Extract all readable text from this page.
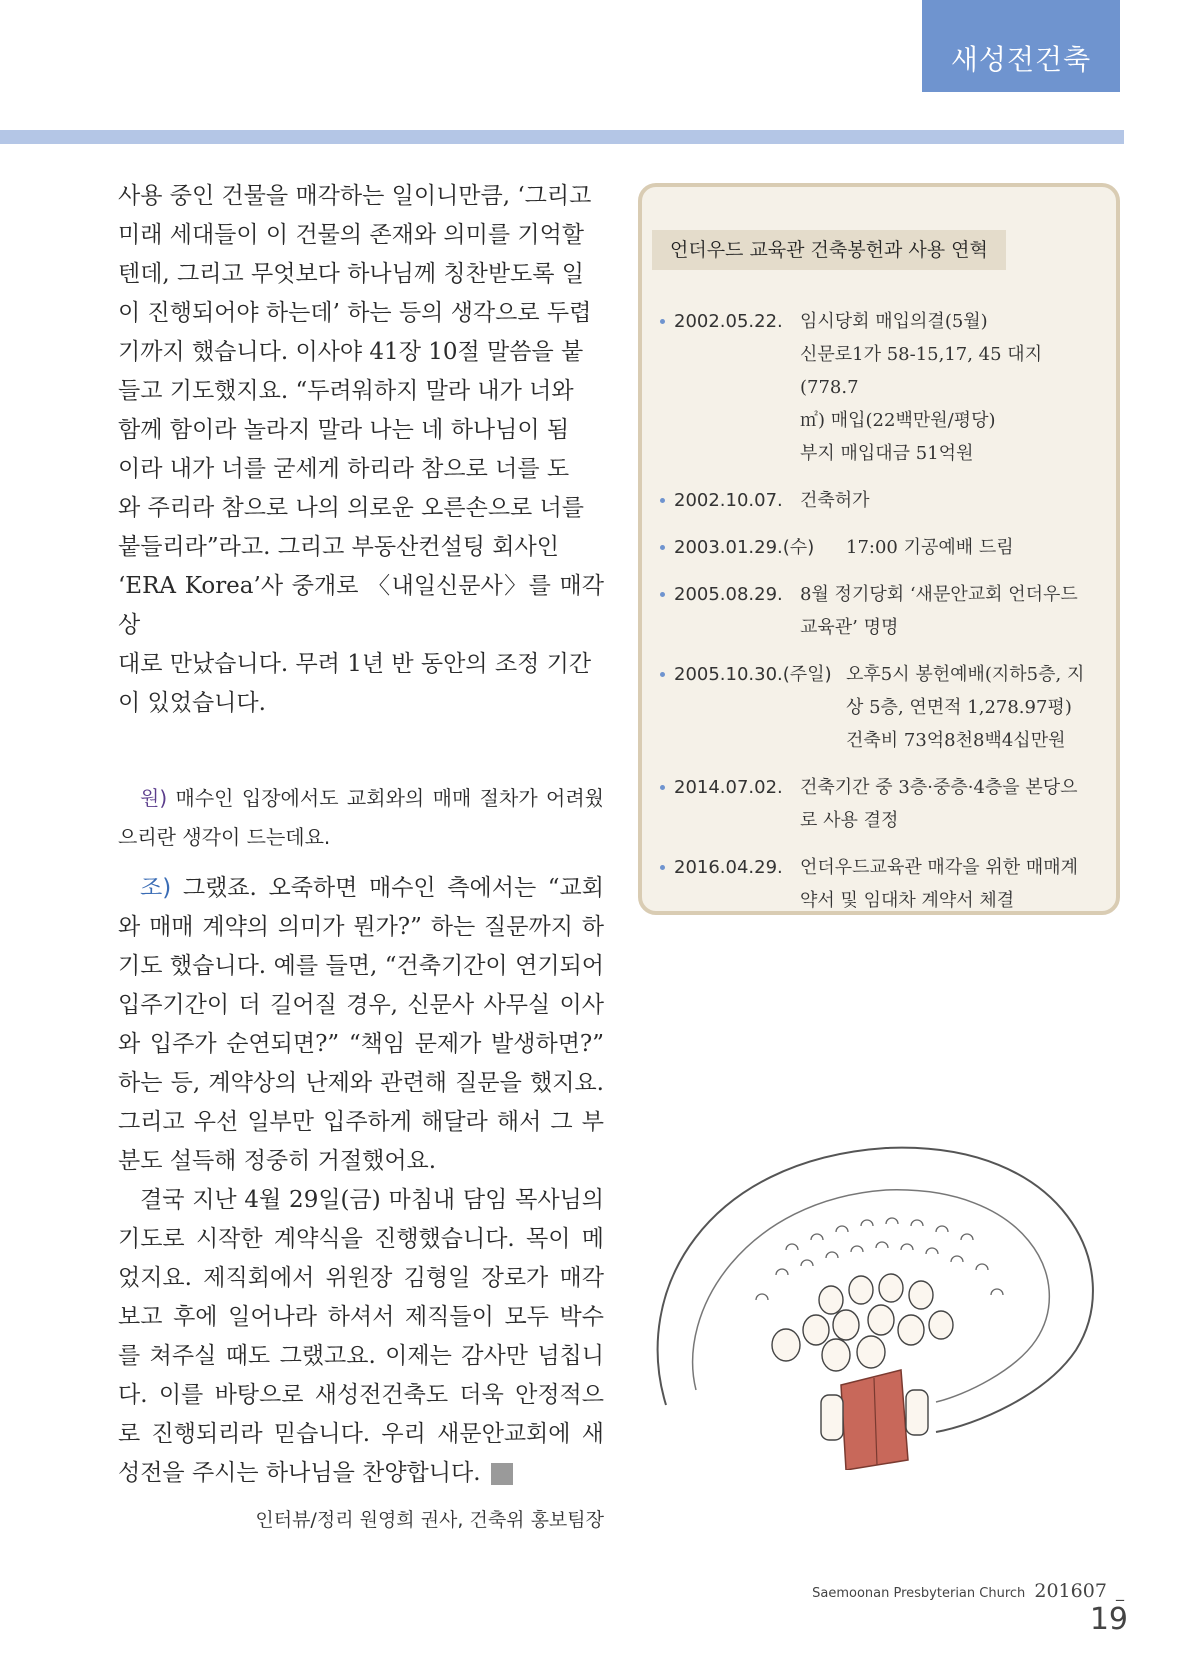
새성전건축

사용 중인 건물을 매각하는 일이니만큼, ‘그리고
미래 세대들이 이 건물의 존재와 의미를 기억할
텐데, 그리고 무엇보다 하나님께 칭찬받도록 일
이 진행되어야 하는데’ 하는 등의 생각으로 두렵
기까지 했습니다. 이사야 41장 10절 말씀을 붙
들고 기도했지요. “두려워하지 말라 내가 너와
함께 함이라 놀라지 말라 나는 네 하나님이 됨
이라 내가 너를 굳세게 하리라 참으로 너를 도
와 주리라 참으로 나의 의로운 오른손으로 너를
붙들리라”라고. 그리고 부동산컨설팅 회사인
‘ERA Korea’사 중개로 〈내일신문사〉를 매각 상
대로 만났습니다. 무려 1년 반 동안의 조정 기간
이 있었습니다.

원) 매수인 입장에서도 교회와의 매매 절차가 어려웠으리란 생각이 드는데요.

조) 그랬죠. 오죽하면 매수인 측에서는 “교회와 매매 계약의 의미가 뭔가?” 하는 질문까지 하기도 했습니다. 예를 들면, “건축기간이 연기되어 입주기간이 더 길어질 경우, 신문사 사무실 이사와 입주가 순연되면?” “책임 문제가 발생하면?” 하는 등, 계약상의 난제와 관련해 질문을 했지요. 그리고 우선 일부만 입주하게 해달라 해서 그 부분도 설득해 정중히 거절했어요.

결국 지난 4월 29일(금) 마침내 담임 목사님의 기도로 시작한 계약식을 진행했습니다. 목이 메었지요. 제직회에서 위원장 김형일 장로가 매각 보고 후에 일어나라 하셔서 제직들이 모두 박수를 쳐주실 때도 그랬고요. 이제는 감사만 넘칩니다. 이를 바탕으로 새성전건축도 더욱 안정적으로 진행되리라 믿습니다. 우리 새문안교회에 새성전을 주시는 하나님을 찬양합니다. 새

인터뷰/정리 원영희 권사, 건축위 홍보팀장
언더우드 교육관 건축봉헌과 사용 연혁
2002.05.22. 임시당회 매입의결(5월)
신문로1가 58-15,17, 45 대지(778.7
㎡) 매입(22백만원/평당)
부지 매입대금 51억원
2002.10.07. 건축허가
2003.01.29.(수) 17:00 기공예배 드림
2005.08.29. 8월 정기당회 ‘새문안교회 언더우드
교육관’ 명명
2005.10.30.(주일) 오후5시 봉헌예배(지하5층, 지
상 5층, 연면적 1,278.97평)
건축비 73억8천8백4십만원
2014.07.02. 건축기간 중 3층·중층·4층을 본당으
로 사용 결정
2016.04.29. 언더우드교육관 매각을 위한 매매계
약서 및 임대차 계약서 체결
Saemoonan Presbyterian Church 201607 _ 19
